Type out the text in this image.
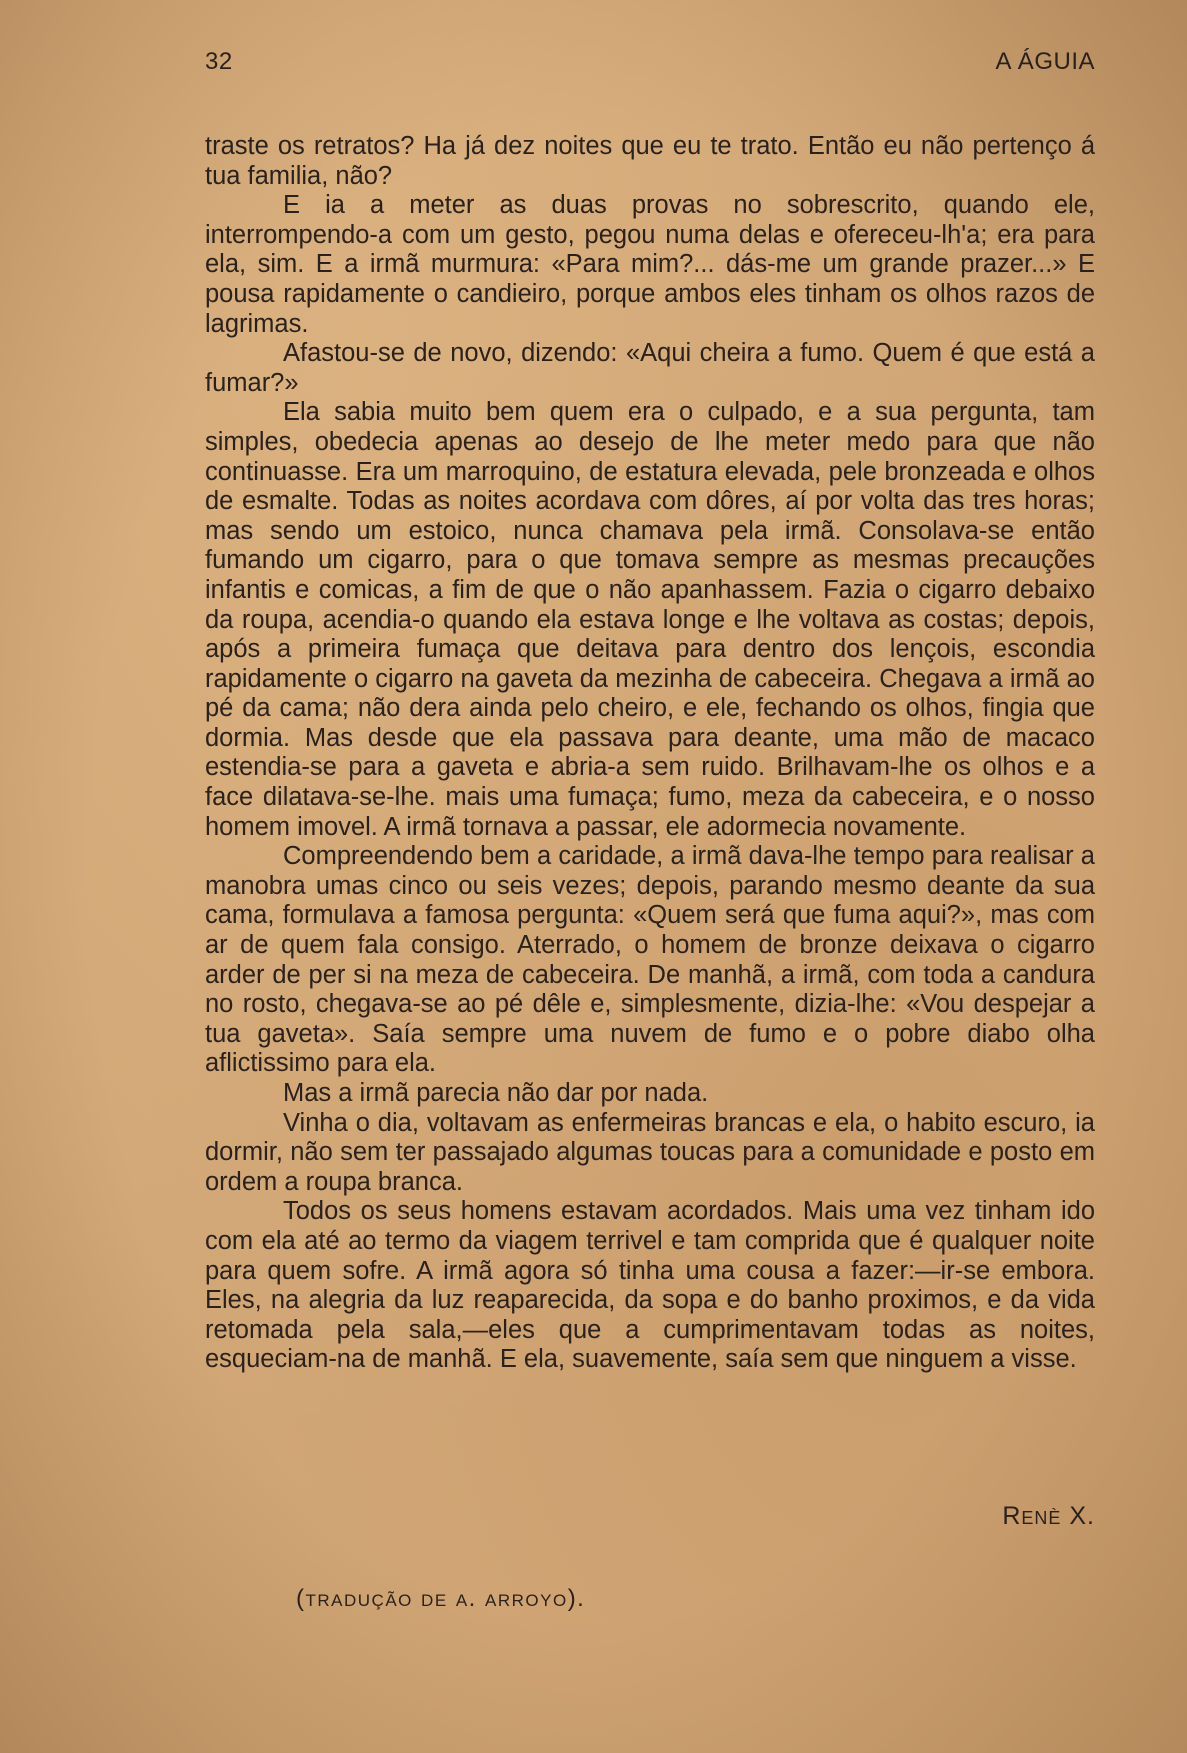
32	A ÁGUIA

traste os retratos? Ha já dez noites que eu te trato. Então eu não pertenço á tua familia, não?

E ia a meter as duas provas no sobrescrito, quando ele, interrompendo-a com um gesto, pegou numa delas e ofereceu-lh'a; era para ela, sim. E a irmã murmura: «Para mim?... dás-me um grande prazer...» E pousa rapidamente o candieiro, porque ambos eles tinham os olhos razos de lagrimas.

Afastou-se de novo, dizendo: «Aqui cheira a fumo. Quem é que está a fumar?»

Ela sabia muito bem quem era o culpado, e a sua pergunta, tam simples, obedecia apenas ao desejo de lhe meter medo para que não continuasse. Era um marroquino, de estatura elevada, pele bronzeada e olhos de esmalte. Todas as noites acordava com dôres, aí por volta das tres horas; mas sendo um estoico, nunca chamava pela irmã. Consolava-se então fumando um cigarro, para o que tomava sempre as mesmas precauções infantis e comicas, a fim de que o não apanhassem. Fazia o cigarro debaixo da roupa, acendia-o quando ela estava longe e lhe voltava as costas; depois, após a primeira fumaça que deitava para dentro dos lençois, escondia rapidamente o cigarro na gaveta da mezinha de cabeceira. Chegava a irmã ao pé da cama; não dera ainda pelo cheiro, e ele, fechando os olhos, fingia que dormia. Mas desde que ela passava para deante, uma mão de macaco estendia-se para a gaveta e abria-a sem ruido. Brilhavam-lhe os olhos e a face dilatava-se-lhe. mais uma fumaça; fumo, meza da cabeceira, e o nosso homem imovel. A irmã tornava a passar, ele adormecia novamente.

Compreendendo bem a caridade, a irmã dava-lhe tempo para realisar a manobra umas cinco ou seis vezes; depois, parando mesmo deante da sua cama, formulava a famosa pergunta: «Quem será que fuma aqui?», mas com ar de quem fala consigo. Aterrado, o homem de bronze deixava o cigarro arder de per si na meza de cabeceira. De manhã, a irmã, com toda a candura no rosto, chegava-se ao pé dêle e, simplesmente, dizia-lhe: «Vou despejar a tua gaveta». Saía sempre uma nuvem de fumo e o pobre diabo olha aflictissimo para ela.

Mas a irmã parecia não dar por nada.

Vinha o dia, voltavam as enfermeiras brancas e ela, o habito escuro, ia dormir, não sem ter passajado algumas toucas para a comunidade e posto em ordem a roupa branca.

Todos os seus homens estavam acordados. Mais uma vez tinham ido com ela até ao termo da viagem terrivel e tam comprida que é qualquer noite para quem sofre. A irmã agora só tinha uma cousa a fazer:—ir-se embora. Eles, na alegria da luz reaparecida, da sopa e do banho proximos, e da vida retomada pela sala,—eles que a cumprimentavam todas as noites, esqueciam-na de manhã. E ela, suavemente, saía sem que ninguem a visse.

Renè X.
(tradução de a. arroyo).
